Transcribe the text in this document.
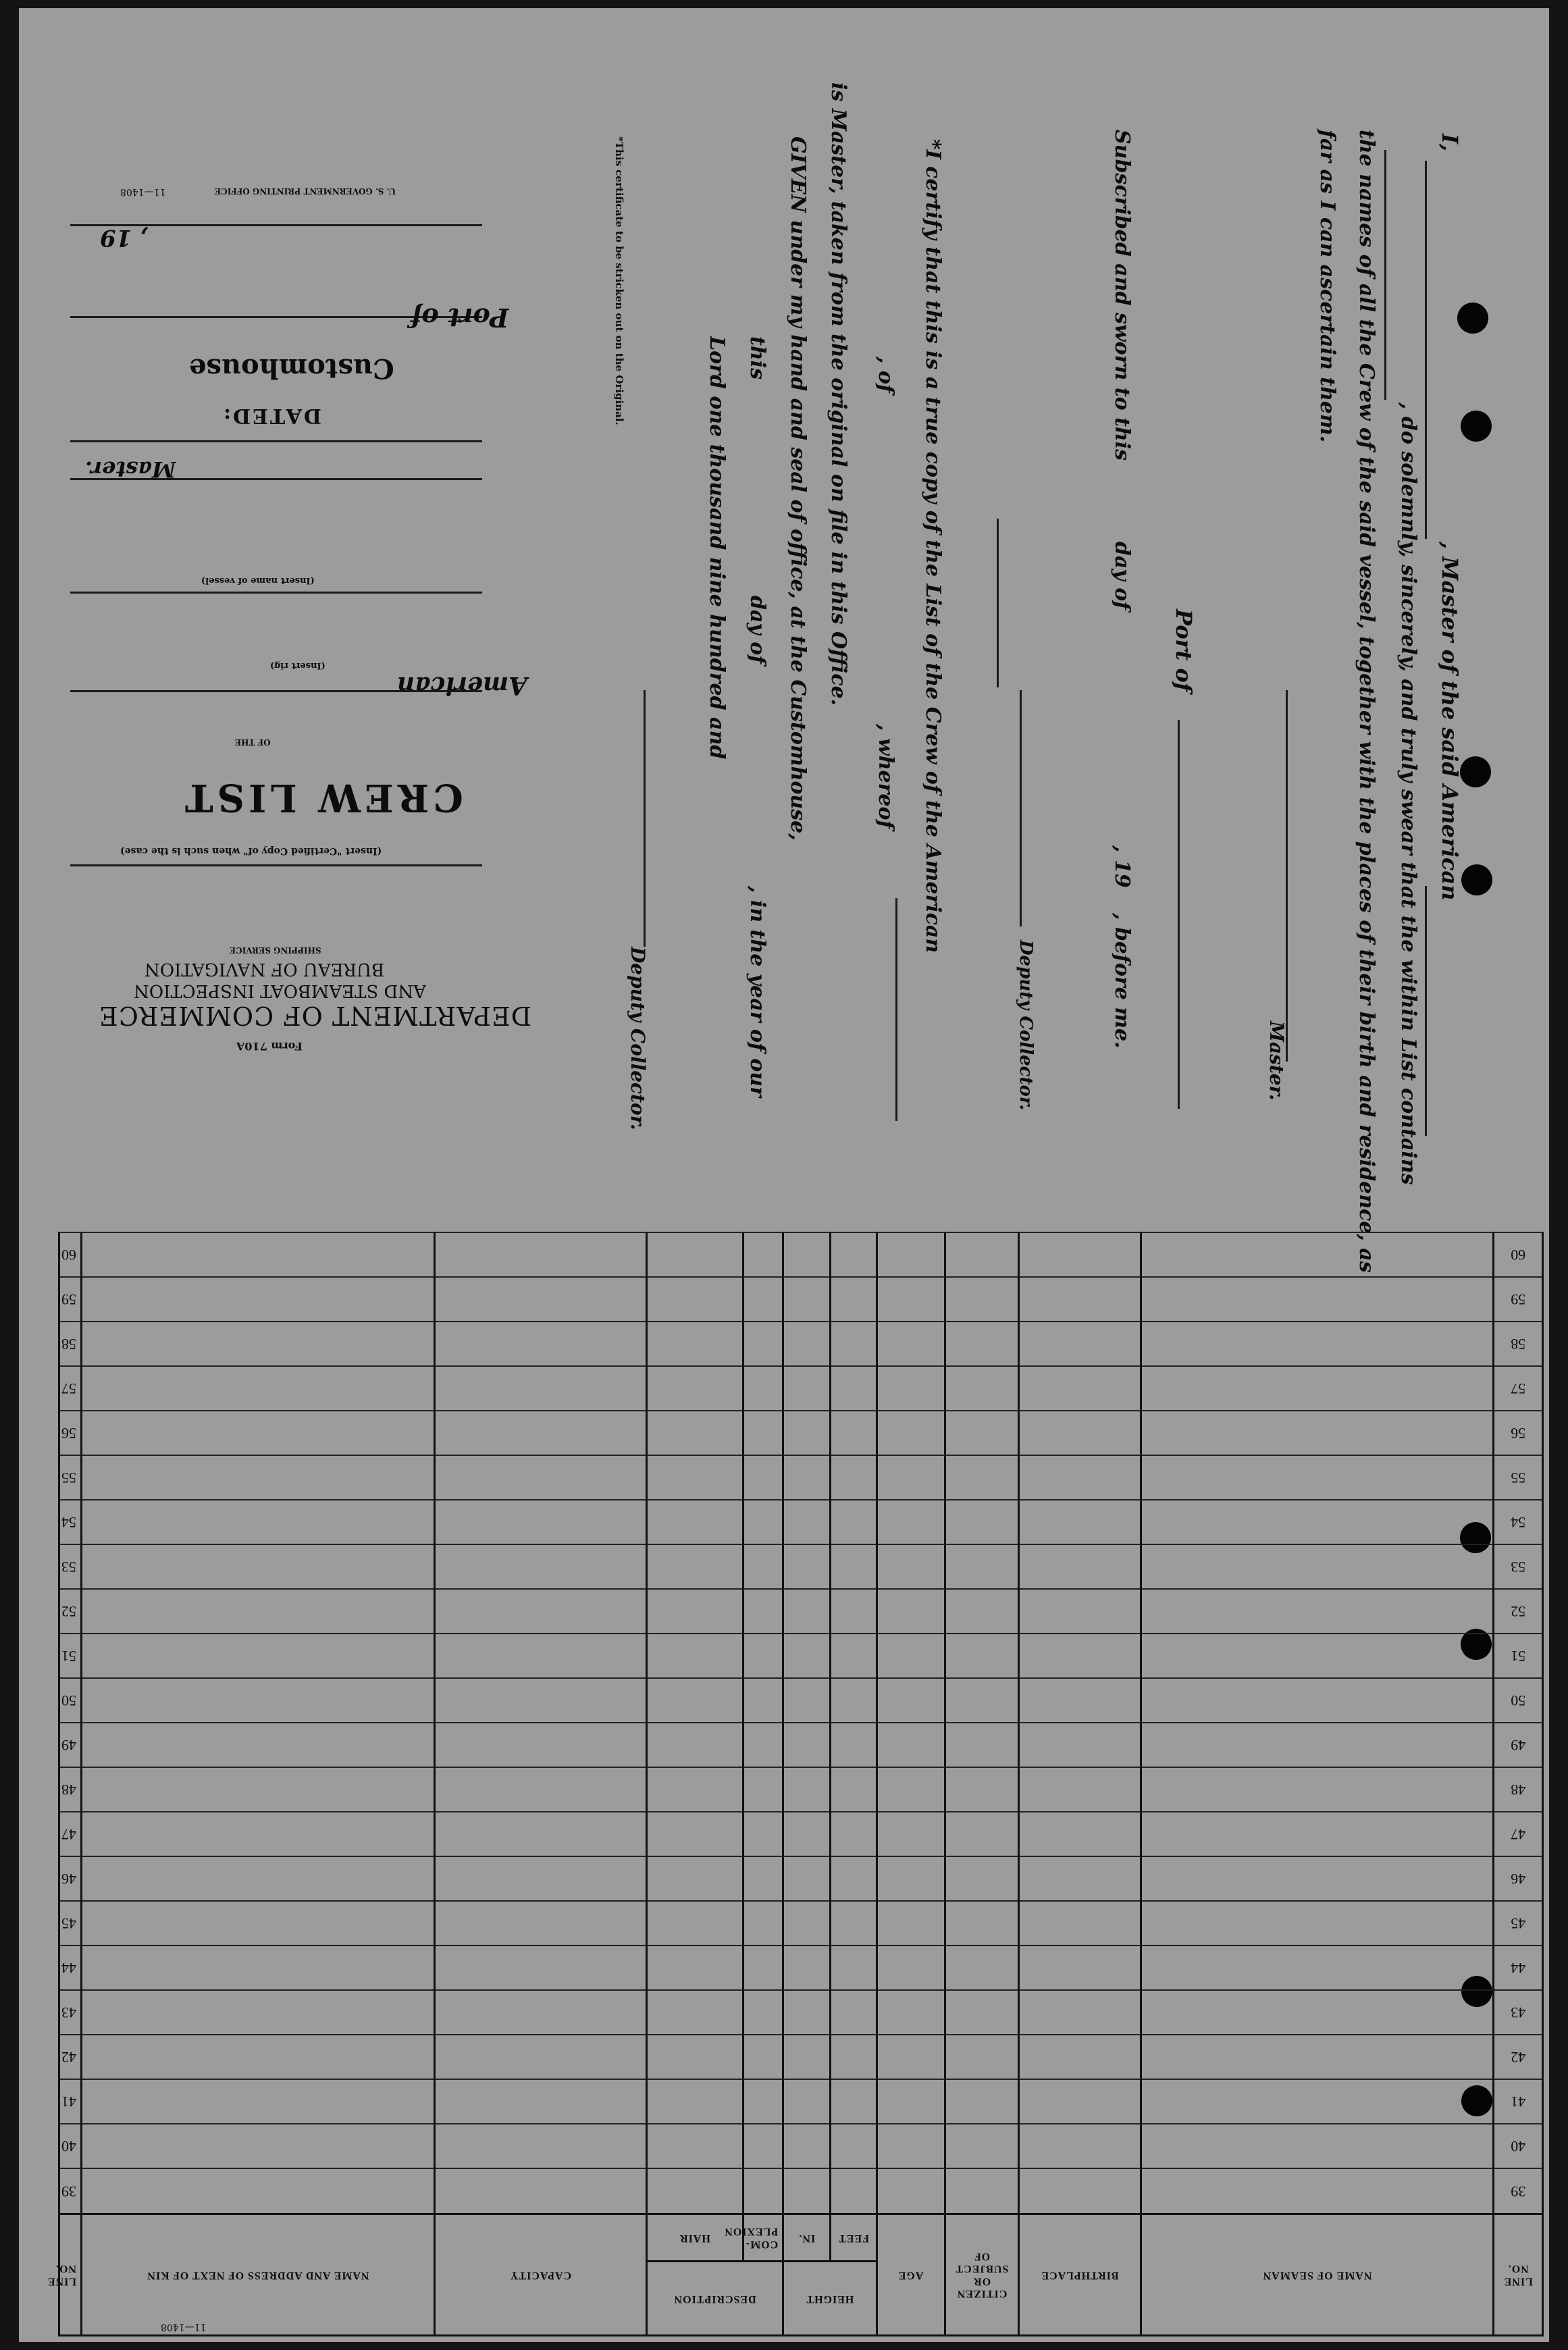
11—1408	U. S. GOVERNMENT PRINTING OFFICE
, 19
Port of
Customhouse
DATED:
Master.
(Insert name of vessel)
(Insert rig)
American
OF THE
CREW LIST
(Insert "Certified Copy of" when such is the case)
SHIPPING SERVICE
BUREAU OF NAVIGATION
AND STEAMBOAT INSPECTION
DEPARTMENT OF COMMERCE
Form 710A
*This certificate to be stricken out on the Original.	*I certify that this is a true copy of the List of the Crew of the American
, of
, whereof
is Master, taken from the original on file in this Office.
GIVEN under my hand and seal of office, at the Customhouse,
this
day of
, in the year of our
Lord one thousand nine hundred and
Deputy Collector.
I,
, Master of the said American
, do solemnly, sincerely, and truly swear that the within List contains
the names of all the Crew of the said vessel, together with the places of their birth and residence, as
far as I can ascertain them.
Master.
Port of
Subscribed and sworn to this
day of
, 19
, before me.
Deputy Collector.
LINE NO.	NAME OF SEAMAN	BIRTHPLACE	CITIZEN OR SUBJECT OF	AGE	HEIGHT		DESCRIPTION		CAPACITY	NAME AND ADDRESS OF NEXT OF KIN	LINE NO.
					FEET	IN.	COM-PLEXION	HAIR			
39											39
40											40
41											41
42											42
43											43
44											44
45											45
46											46
47											47
48											48
49											49
50											50
51											51
52											52
53											53
54											54
55											55
56											56
57											57
58											58
59											59
60											60
11—1408
